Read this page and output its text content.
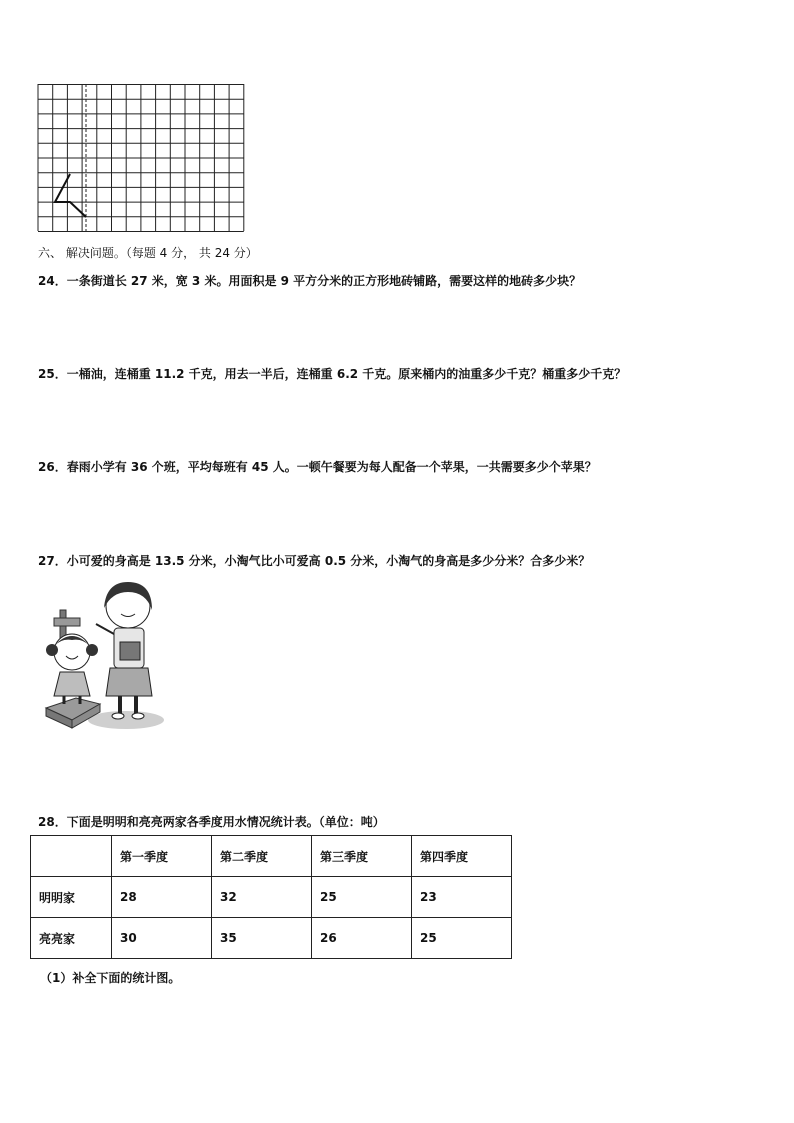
六、 解决问题。（每题 4 分， 共 24 分）
24．一条街道长 27 米，宽 3 米。用面积是 9 平方分米的正方形地砖铺路，需要这样的地砖多少块？
25．一桶油，连桶重 11.2 千克，用去一半后，连桶重 6.2 千克。原来桶内的油重多少千克？桶重多少千克？
26．春雨小学有 36 个班，平均每班有 45 人。一顿午餐要为每人配备一个苹果，一共需要多少个苹果？
27．小可爱的身高是 13.5 分米，小淘气比小可爱高 0.5 分米，小淘气的身高是多少分米？合多少米？
28．下面是明明和亮亮两家各季度用水情况统计表。（单位：吨）
	第一季度	第二季度	第三季度	第四季度
明明家	28	32	25	23
亮亮家	30	35	26	25
（1）补全下面的统计图。
